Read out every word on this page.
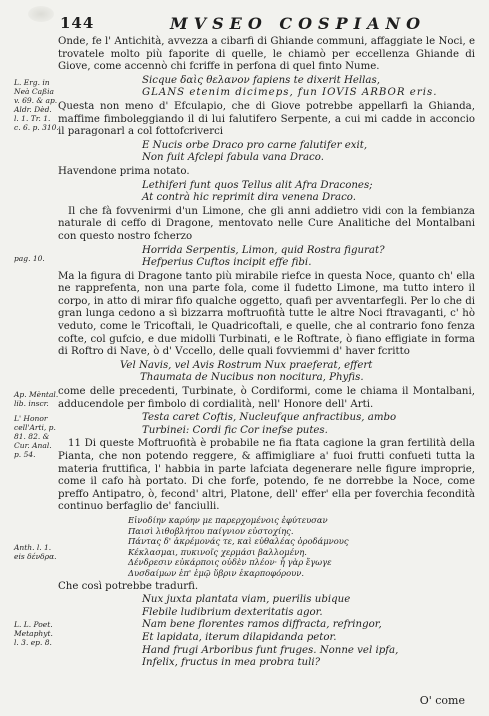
144	MVSEO COSPIANO
L. Erg. in
Neà Caßia
v. 69. & ap.
Aldr. Dèd.
l. 1. Tr. 1.
c. 6. p. 310.
pag. 10.
Ap. Mèntal.
lib. inscr.
L' Honor
cell'Arti, p.
81. 82. &
Cur. Anal.
p. 54.
Anth. l. 1.
eis δένδρα.
L. L. Poet.
Metaphyt.
l. 3. ep. 8.

Onde, fe l' Antichità, avvezza a cibarfi di Ghiande communi, affaggiate le Noci, e trovatele molto più faporite di quelle, le chiamò per eccellenza Ghiande di Giove, come accennò chi fcriffe in perfona di quel finto Nume.

Sicque δαὶς θελανον fapiens te dixerit Hellas,
GLANS etenim dicimeps, fun IOVIS ARBOR eris.

Questa non meno d' Efculapio, che di Giove potrebbe appellarfi la Ghianda, maffime fimboleggiando il di lui falutifero Serpente, a cui mi cadde in acconcio il paragonarl a col fottofcriverci

E Nucis orbe Draco pro carne falutifer exit,
Non fuit Afclepi fabula vana Draco.

Havendone prima notato.

Lethiferi funt quos Tellus alit Afra Dracones;
At contrà hic reprimit dira venena Draco.

Il che fà fovvenirmi d'un Limone, che gli anni addietro vidi con la fembianza naturale di ceffo di Dragone, mentovato nelle Cure Analitiche del Montalbani con questo nostro fcherzo

Horrida Serpentis, Limon, quid Rostra figurat?
Hefperius Cuftos incipit effe fibi.

Ma la figura di Dragone tanto più mirabile riefce in questa Noce, quanto ch' ella ne rapprefenta, non una parte fola, come il fudetto Limone, ma tutto intero il corpo, in atto di mirar fifo qualche oggetto, quafi per avventarfegli. Per lo che di gran lunga cedono a sì bizzarra moftruofità tutte le altre Noci ftravaganti, c' hò veduto, come le Tricoftali, le Quadricoftali, e quelle, che al contrario fono fenza cofte, col gufcio, e due midolli Turbinati, e le Roftrate, ò fiano effigiate in forma di Roftro di Nave, ò d' Vccello, delle quali fovviemmi d' haver fcritto

Vel Navis, vel Avis Rostrum Nux praeferat, effert
Thaumata de Nucibus non nocitura, Phyfis.

come delle precedenti, Turbinate, ò Cordiformi, come le chiama il Montalbani, adducendole per fimbolo di cordialità, nell' Honore dell' Arti.

Testa caret Coftis, Nucleufque anfractibus, ambo
Turbinei: Cordi fic Cor inefse putes.

11 Di queste Moftruofità è probabile ne fia ftata cagione la gran fertilità della Pianta, che non potendo reggere, & affimigliare a' fuoi frutti confueti tutta la materia fruttifica, l' habbia in parte lafciata degenerare nelle figure improprie, come il cafo hà portato. Di che forfe, potendo, fe ne dorrebbe la Noce, come preffo Antipatro, ò, fecond' altri, Platone, dell' effer' ella per foverchia fecondità continuo berfaglio de' fanciulli.

Εἰνοδίην καρύην με παρερχομένοις ἐφύτευσαν
Παισὶ λιθοβλήτου παίγνιον εὐστοχίης.
Πάντας δ' ἀκρέμονάς τε, καὶ εὐθαλέας ὀροδάμνους
Κέκλασμαι, πυκινοῖς χερμάσι βαλλομένη.
Δένδρεσιν εὐκάρποις οὐδὲν πλέον· ἦ γὰρ ἔγωγε
Δυσδαίμων ἐπ' ἐμῷ ὕβριν ἐκαρποφόρουν.

Che così potrebbe tradurfi.

Nux juxta plantata viam, puerilis ubique
Flebile ludibrium dexteritatis agor.
Nam bene florentes ramos diffracta, refringor,
Et lapidata, iterum dilapidanda petor.
Hand frugi Arboribus funt fruges. Nonne vel ipfa,
Infelix, fructus in mea probra tuli?
O' come
